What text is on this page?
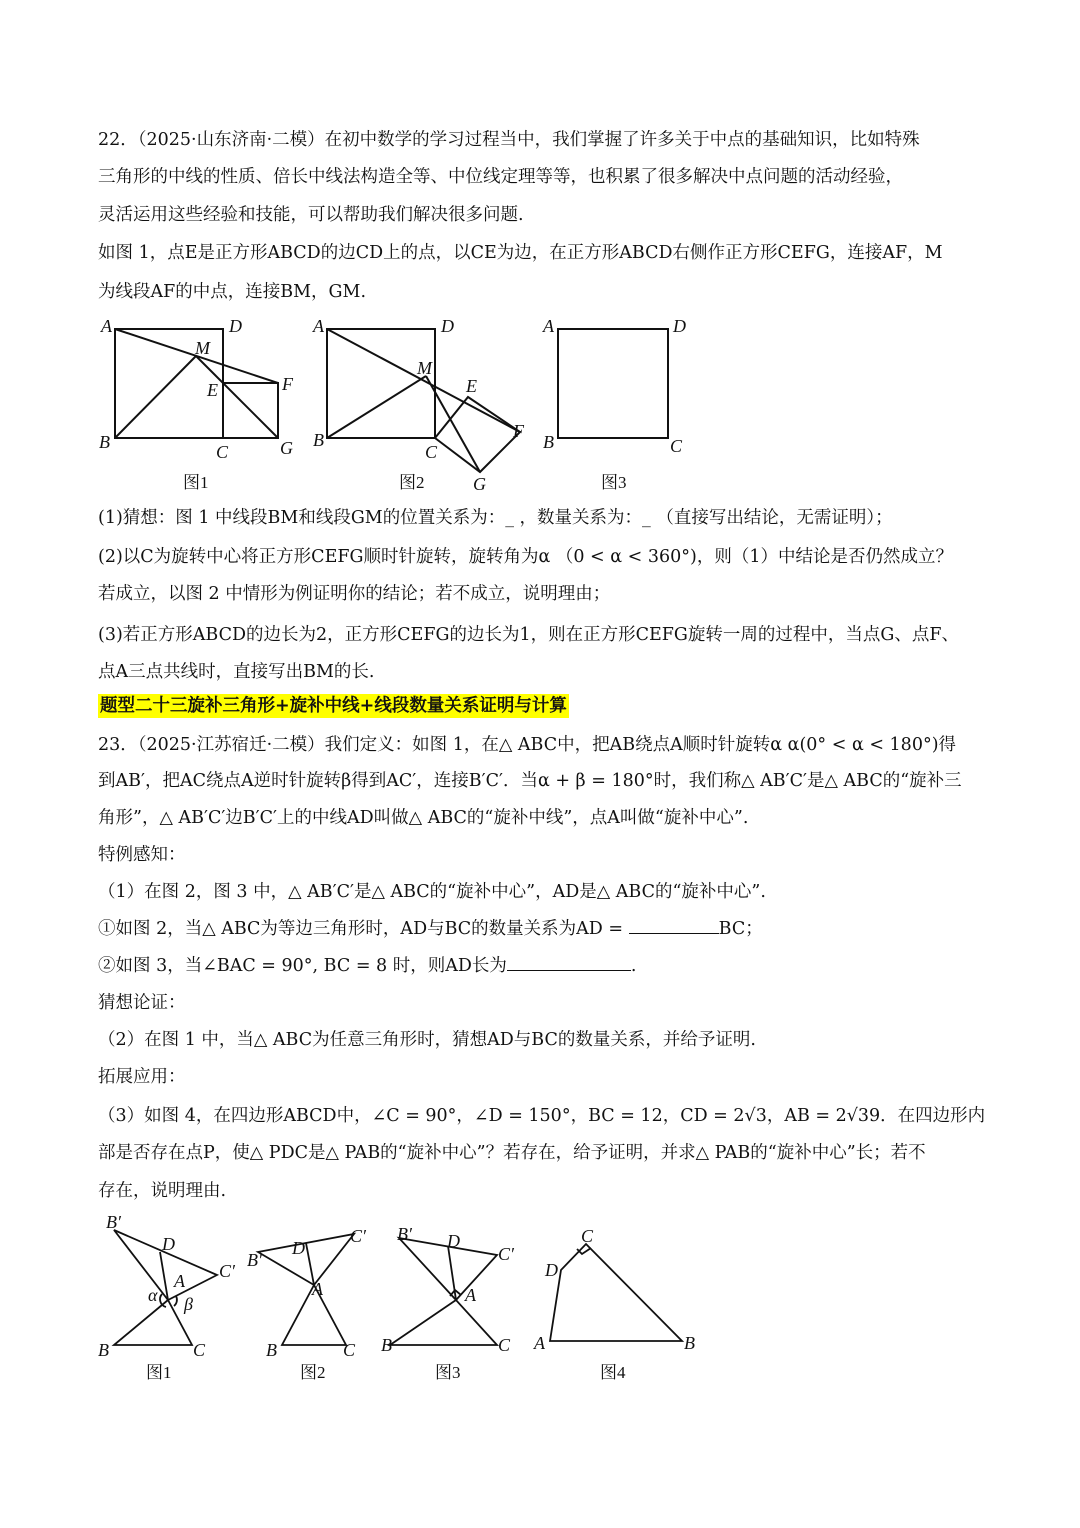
22．（2025·山东济南·二模）在初中数学的学习过程当中，我们掌握了许多关于中点的基础知识，比如特殊
三角形的中线的性质、倍长中线法构造全等、中位线定理等等，也积累了很多解决中点问题的活动经验，
灵活运用这些经验和技能，可以帮助我们解决很多问题.
如图 1，点E是正方形ABCD的边CD上的点，以CE为边，在正方形ABCD右侧作正方形CEFG，连接AF，M
为线段AF的中点，连接BM，GM.
A	D
M
E	F
B	C	G
A	D
M
E
F
B
C
G
A	D
B	C
图1	图2	图3
(1)猜想：图 1 中线段BM和线段GM的位置关系为：_ ，数量关系为：_ （直接写出结论，无需证明）；
(2)以C为旋转中心将正方形CEFG顺时针旋转，旋转角为α （0 < α < 360°)，则（1）中结论是否仍然成立？
若成立，以图 2 中情形为例证明你的结论；若不成立，说明理由；
(3)若正方形ABCD的边长为2，正方形CEFG的边长为1，则在正方形CEFG旋转一周的过程中，当点G、点F、
点A三点共线时，直接写出BM的长.
题型二十三旋补三角形+旋补中线+线段数量关系证明与计算
23．（2025·江苏宿迁·二模）我们定义：如图 1，在△ ABC中，把AB绕点A顺时针旋转α α(0° < α < 180°)得
到AB′，把AC绕点A逆时针旋转β得到AC′，连接B′C′．当α + β = 180°时，我们称△ AB′C′是△ ABC的“旋补三
角形”，△ AB′C′边B′C′上的中线AD叫做△ ABC的“旋补中线”，点A叫做“旋补中心”.
特例感知：
（1）在图 2，图 3 中，△ AB′C′是△ ABC的“旋补中心”，AD是△ ABC的“旋补中心”.
①如图 2，当△ ABC为等边三角形时，AD与BC的数量关系为AD =	BC；
②如图 3，当∠BAC = 90°, BC = 8 时，则AD长为	.
猜想论证：
（2）在图 1 中，当△ ABC为任意三角形时，猜想AD与BC的数量关系，并给予证明.
拓展应用：
（3）如图 4，在四边形ABCD中，∠C = 90°，∠D = 150°，BC = 12，CD = 2√3，AB = 2√39．在四边形内
部是否存在点P，使△ PDC是△ PAB的“旋补中心”？若存在，给予证明，并求△ PAB的“旋补中心”长；若不
存在，说明理由.
B′
D
C′
A
α β
B	C
B′
D
C′
A
B	C
B′ D
C′
A
B	C
C
D
A	B
图1	图2	图3	图4
